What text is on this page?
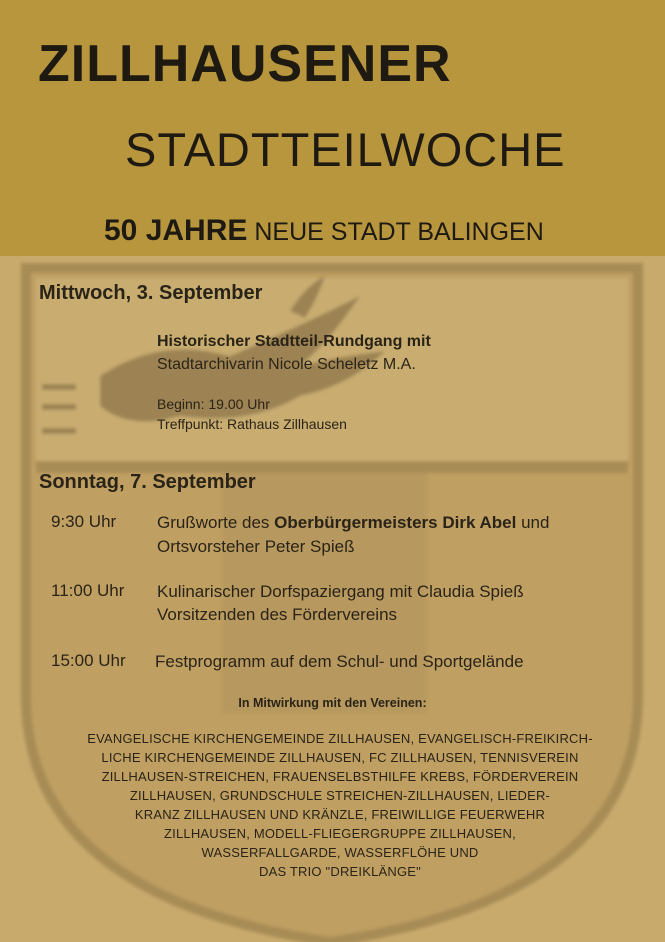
ZILLHAUSENER
STADTTEILWOCHE

50 JAHRE NEUE STADT BALINGEN

Mittwoch, 3. September

Historischer Stadtteil-Rundgang mit

Stadtarchivarin Nicole Scheletz M.A.

Beginn: 19.00 Uhr

Treffpunkt: Rathaus Zillhausen

Sonntag, 7. September

9:30 Uhr Grußworte des Oberbürgermeisters Dirk Abel und

Ortsvorsteher Peter Spieß

11:00 Uhr Kulinarischer Dorfspaziergang mit Claudia Spieß

Vorsitzenden des Fördervereins

15:00 Uhr Festprogramm auf dem Schul- und Sportgelände

In Mitwirkung mit den Vereinen:

EVANGELISCHE KIRCHENGEMEINDE ZILLHAUSEN, EVANGELISCH-FREIKIRCH-
LICHE KIRCHENGEMEINDE ZILLHAUSEN, FC ZILLHAUSEN, TENNISVEREIN
ZILLHAUSEN-STREICHEN, FRAUENSELBSTHILFE KREBS, FÖRDERVEREIN
ZILLHAUSEN, GRUNDSCHULE STREICHEN-ZILLHAUSEN, LIEDER-
KRANZ ZILLHAUSEN UND KRÄNZLE, FREIWILLIGE FEUERWEHR
ZILLHAUSEN, MODELL-FLIEGERGRUPPE ZILLHAUSEN,
WASSERFALLGARDE, WASSERFLÖHE UND
DAS TRIO "DREIKLÄNGE"
